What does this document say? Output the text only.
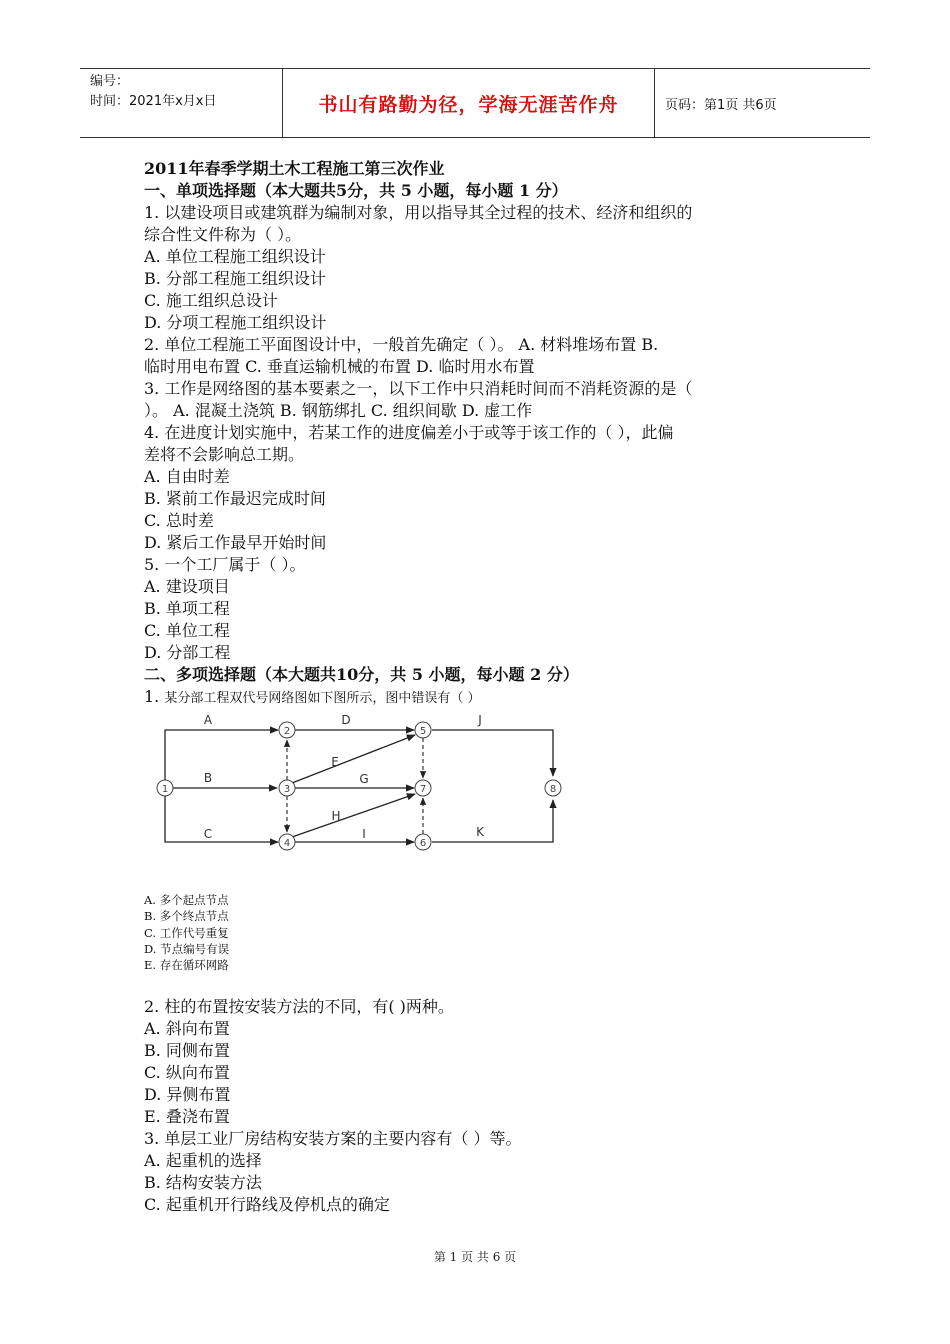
编号：
时间：2021年x月x日	书山有路勤为径，学海无涯苦作舟	页码：第1页 共6页
2011年春季学期土木工程施工第三次作业
一、单项选择题（本大题共5分，共 5 小题，每小题 1 分）
1. 以建设项目或建筑群为编制对象，用以指导其全过程的技术、经济和组织的
综合性文件称为（ ）。
A. 单位工程施工组织设计
B. 分部工程施工组织设计
C. 施工组织总设计
D. 分项工程施工组织设计
2. 单位工程施工平面图设计中，一般首先确定（ ）。 A. 材料堆场布置 B.
临时用电布置 C. 垂直运输机械的布置 D. 临时用水布置
3. 工作是网络图的基本要素之一，以下工作中只消耗时间而不消耗资源的是（
）。 A. 混凝土浇筑 B. 钢筋绑扎 C. 组织间歇 D. 虚工作
4. 在进度计划实施中，若某工作的进度偏差小于或等于该工作的（ ），此偏
差将不会影响总工期。
A. 自由时差
B. 紧前工作最迟完成时间
C. 总时差
D. 紧后工作最早开始时间
5. 一个工厂属于（ ）。
A. 建设项目
B. 单项工程
C. 单位工程
D. 分部工程
二、多项选择题（本大题共10分，共 5 小题，每小题 2 分）
1. 某分部工程双代号网络图如下图所示，图中错误有（ ）
A
B
C
D
E
G
H
I
J
K
1
2
3
4
5
6
7	8
A. 多个起点节点
B. 多个终点节点
C. 工作代号重复
D. 节点编号有误
E. 存在循环网路
2. 柱的布置按安装方法的不同，有( )两种。
A. 斜向布置
B. 同侧布置
C. 纵向布置
D. 异侧布置
E. 叠浇布置
3. 单层工业厂房结构安装方案的主要内容有（ ）等。
A. 起重机的选择
B. 结构安装方法
C. 起重机开行路线及停机点的确定
第 1 页 共 6 页
